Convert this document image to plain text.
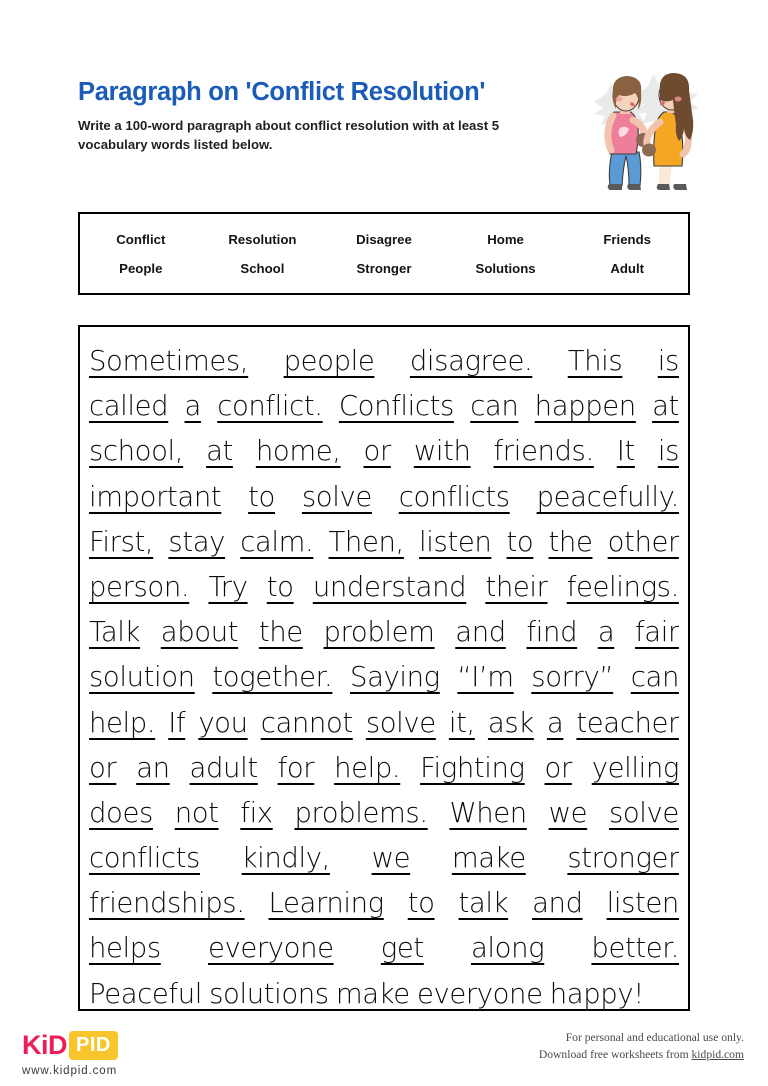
Paragraph on 'Conflict Resolution'

Write a 100-word paragraph about conflict resolution with at least 5 vocabulary words listed below.

Conflict	Resolution	Disagree	Home	Friends
People	School	Stronger	Solutions	Adult
Sometimes, people disagree. This is
called a conflict. Conflicts can happen at
school, at home, or with friends. It is
important to solve conflicts peacefully.
First, stay calm. Then, listen to the other
person. Try to understand their feelings.
Talk about the problem and find a fair
solution together. Saying “I’m sorry” can
help. If you cannot solve it, ask a teacher
or an adult for help. Fighting or yelling
does not fix problems. When we solve
conflicts kindly, we make stronger
friendships. Learning to talk and listen
helps everyone get along better.
Peaceful solutions make everyone happy!
KiD PID
www.kidpid.com
For personal and educational use only.
Download free worksheets from kidpid.com
